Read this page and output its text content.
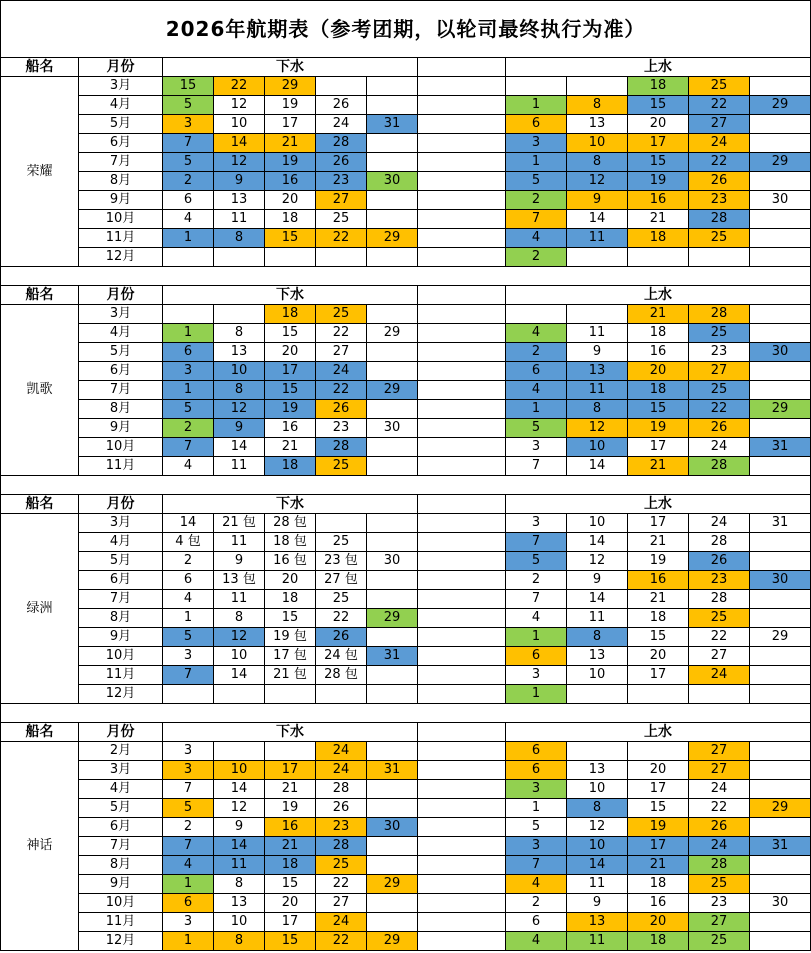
2026年航期表（参考团期，以轮司最终执行为准）												
船名	月份	下水						上水				
荣耀	3月	15	22	29						18	25	
	4月	5	12	19	26			1	8	15	22	29
	5月	3	10	17	24	31		6	13	20	27	
	6月	7	14	21	28			3	10	17	24	
	7月	5	12	19	26			1	8	15	22	29
	8月	2	9	16	23	30		5	12	19	26	
	9月	6	13	20	27			2	9	16	23	30
	10月	4	11	18	25			7	14	21	28	
	11月	1	8	15	22	29		4	11	18	25	
	12月							2				

船名	月份	下水						上水				
凯歌	3月			18	25					21	28	
	4月	1	8	15	22	29		4	11	18	25	
	5月	6	13	20	27			2	9	16	23	30
	6月	3	10	17	24			6	13	20	27	
	7月	1	8	15	22	29		4	11	18	25	
	8月	5	12	19	26			1	8	15	22	29
	9月	2	9	16	23	30		5	12	19	26	
	10月	7	14	21	28			3	10	17	24	31
	11月	4	11	18	25			7	14	21	28	

船名	月份	下水						上水				
绿洲	3月	14	21 包	28 包				3	10	17	24	31
	4月	4 包	11	18 包	25			7	14	21	28	
	5月	2	9	16 包	23 包	30		5	12	19	26	
	6月	6	13 包	20	27 包			2	9	16	23	30
	7月	4	11	18	25			7	14	21	28	
	8月	1	8	15	22	29		4	11	18	25	
	9月	5	12	19 包	26			1	8	15	22	29
	10月	3	10	17 包	24 包	31		6	13	20	27	
	11月	7	14	21 包	28 包			3	10	17	24	
	12月							1				

船名	月份	下水						上水				
神话	2月	3			24			6			27	
	3月	3	10	17	24	31		6	13	20	27	
	4月	7	14	21	28			3	10	17	24	
	5月	5	12	19	26			1	8	15	22	29
	6月	2	9	16	23	30		5	12	19	26	
	7月	7	14	21	28			3	10	17	24	31
	8月	4	11	18	25			7	14	21	28	
	9月	1	8	15	22	29		4	11	18	25	
	10月	6	13	20	27			2	9	16	23	30
	11月	3	10	17	24			6	13	20	27	
	12月	1	8	15	22	29		4	11	18	25	
